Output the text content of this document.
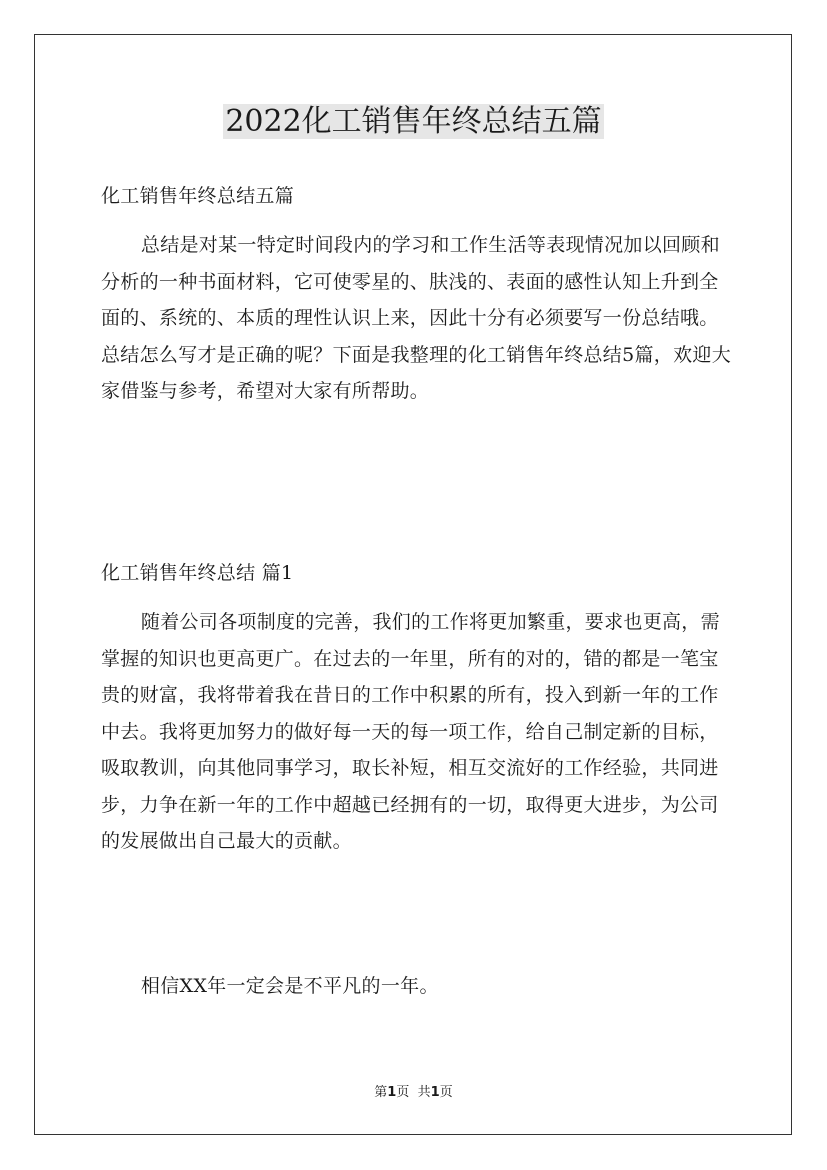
2022化工销售年终总结五篇

化工销售年终总结五篇

总结是对某一特定时间段内的学习和工作生活等表现情况加以回顾和分析的一种书面材料，它可使零星的、肤浅的、表面的感性认知上升到全面的、系统的、本质的理性认识上来，因此十分有必须要写一份总结哦。总结怎么写才是正确的呢？下面是我整理的化工销售年终总结5篇，欢迎大家借鉴与参考，希望对大家有所帮助。

化工销售年终总结 篇1

随着公司各项制度的完善，我们的工作将更加繁重，要求也更高，需掌握的知识也更高更广。在过去的一年里，所有的对的，错的都是一笔宝贵的财富，我将带着我在昔日的工作中积累的所有，投入到新一年的工作中去。我将更加努力的做好每一天的每一项工作，给自己制定新的目标，吸取教训，向其他同事学习，取长补短，相互交流好的工作经验，共同进步，力争在新一年的工作中超越已经拥有的一切，取得更大进步，为公司的发展做出自己最大的贡献。

相信XX年一定会是不平凡的一年。

第1页 共1页
